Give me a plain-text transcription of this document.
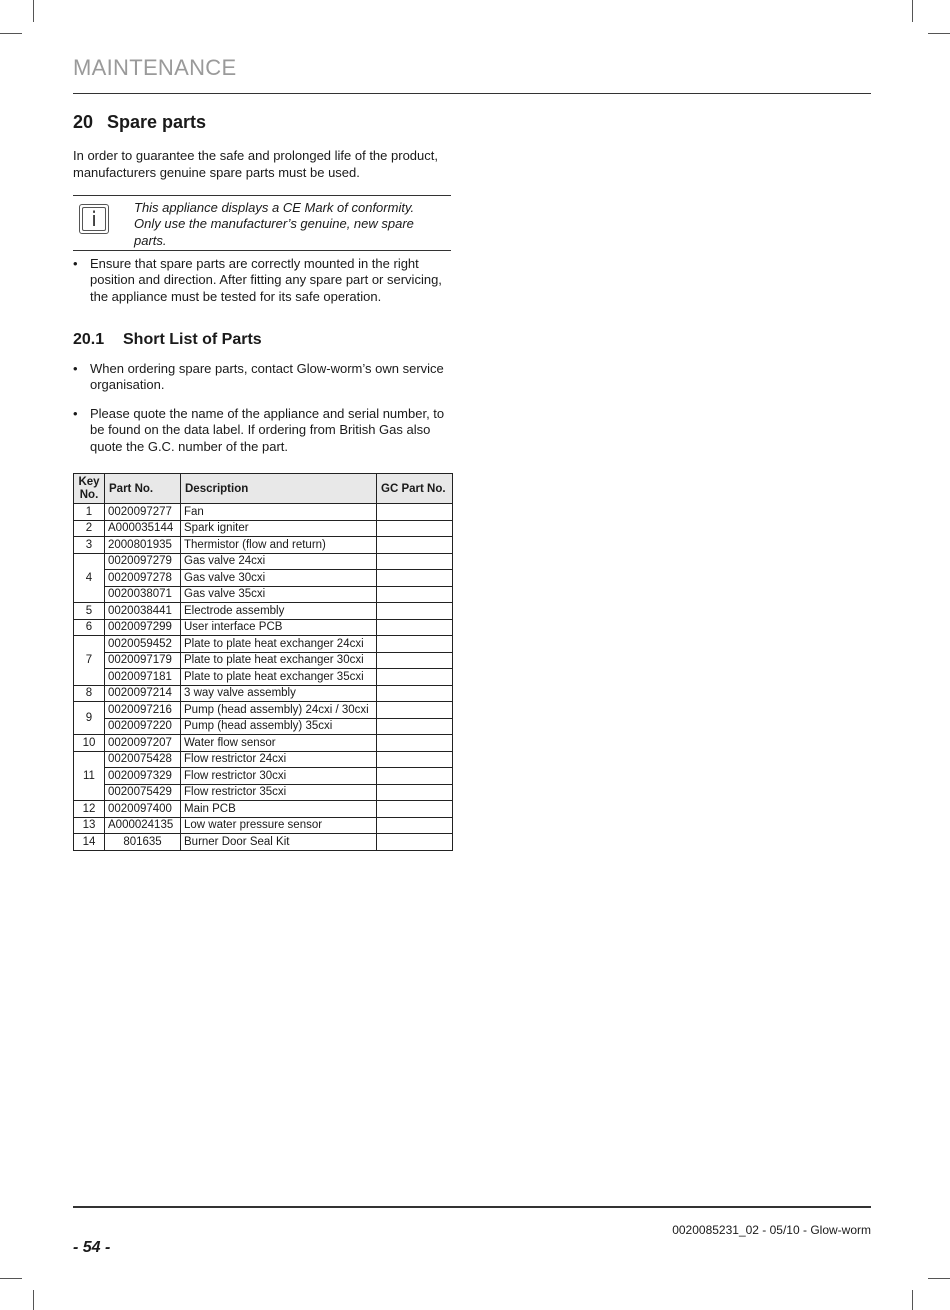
MAINTENANCE
20 Spare parts
In order to guarantee the safe and prolonged life of the product, manufacturers genuine spare parts must be used.
i	This appliance displays a CE Mark of conformity. Only use the manufacturer’s genuine, new spare parts.
• Ensure that spare parts are correctly mounted in the right position and direction. After fitting any spare part or servicing, the appliance must be tested for its safe operation.
20.1 Short List of Parts
• When ordering spare parts, contact Glow-worm’s own service organisation.
• Please quote the name of the appliance and serial number, to be found on the data label. If ordering from British Gas also quote the G.C. number of the part.
Key
No.	Part No.	Description	GC Part No.
1	0020097277	Fan	
2	A000035144	Spark igniter	
3	2000801935	Thermistor (flow and return)	
4	0020097279	Gas valve 24cxi	
	0020097278	Gas valve 30cxi	
	0020038071	Gas valve 35cxi	
5	0020038441	Electrode assembly	
6	0020097299	User interface PCB	
7	0020059452	Plate to plate heat exchanger 24cxi	
	0020097179	Plate to plate heat exchanger 30cxi	
	0020097181	Plate to plate heat exchanger 35cxi	
8	0020097214	3 way valve assembly	
9	0020097216	Pump (head assembly) 24cxi / 30cxi	
	0020097220	Pump (head assembly) 35cxi	
10	0020097207	Water flow sensor	
11	0020075428	Flow restrictor 24cxi	
	0020097329	Flow restrictor 30cxi	
	0020075429	Flow restrictor 35cxi	
12	0020097400	Main PCB	
13	A000024135	Low water pressure sensor	
14	801635	Burner Door Seal Kit	
0020085231_02 - 05/10 - Glow-worm
- 54 -
